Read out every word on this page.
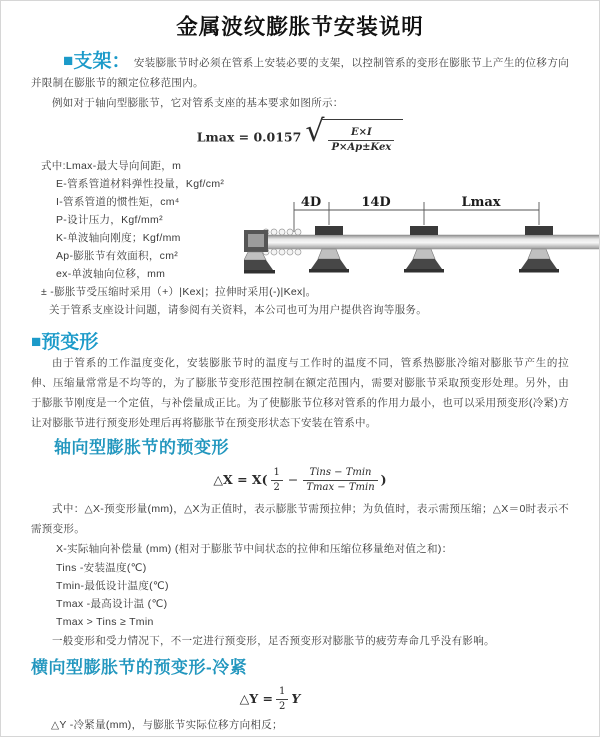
金属波纹膨胀节安装说明
■支架： 安装膨胀节时必须在管系上安装必要的支架，以控制管系的变形在膨胀节上产生的位移方向并限制在膨胀节的额定位移范围内。
例如对于轴向型膨胀节，它对管系支座的基本要求如图所示：
Lmax = 0.0157 √ $\frac{E\times I}{\text{P×Ap±Kex}}$
式中:Lmax-最大导向间距，m
E-管系管道材料弹性投量，Kgf/cm²
I-管系管道的惯性矩，cm⁴
P-设计压力，Kgf/mm²
K-单波轴向刚度；Kgf/mm
Ap-膨胀节有效面积，cm²
ex-单波轴向位移，mm
± -膨胀节受压缩时采用（+）|Kex|；拉伸时采用(-)|Kex|。
关于管系支座设计问题，请参阅有关资料，本公司也可为用户提供咨询等服务。
4D	14D	Lmax
■预变形
由于管系的工作温度变化，安装膨胀节时的温度与工作时的温度不同，管系热膨胀冷缩对膨胀节产生的拉伸、压缩量常常是不均等的，为了膨胀节变形范围控制在额定范围内，需要对膨胀节采取预变形处理。另外，由于膨胀节刚度是一个定值，与补偿量成正比。为了使膨胀节位移对管系的作用力最小，也可以采用预变形(冷紧)方让对膨胀节进行预变形处理后再将膨胀节在预变形状态下安装在管系中。
轴向型膨胀节的预变形
△X = $X( \frac{1}{2} - \frac{\text{Tins − Tmin}}{Tmax - Tmin}$ )
式中：△X-预变形量(mm)，△X为正值时，表示膨胀节需预拉伸；为负值时，表示需预压缩；△X＝0时表示不需预变形。
X-实际轴向补偿量 (mm) (相对于膨胀节中间状态的拉伸和压缩位移量绝对值之和)：
Tins -安装温度(℃)
Tmin-最低设计温度(℃)
Tmax -最高设计温 (℃)
Tmax > Tins ≥ Tmin
一般变形和受力情况下，不一定进行预变形，足否预变形对膨胀节的疲劳寿命几乎没有影响。
横向型膨胀节的预变形-冷紧
△Y = $\frac{1}{2}$ Y
△Y -冷紧量(mm)，与膨胀节实际位移方向相反；
